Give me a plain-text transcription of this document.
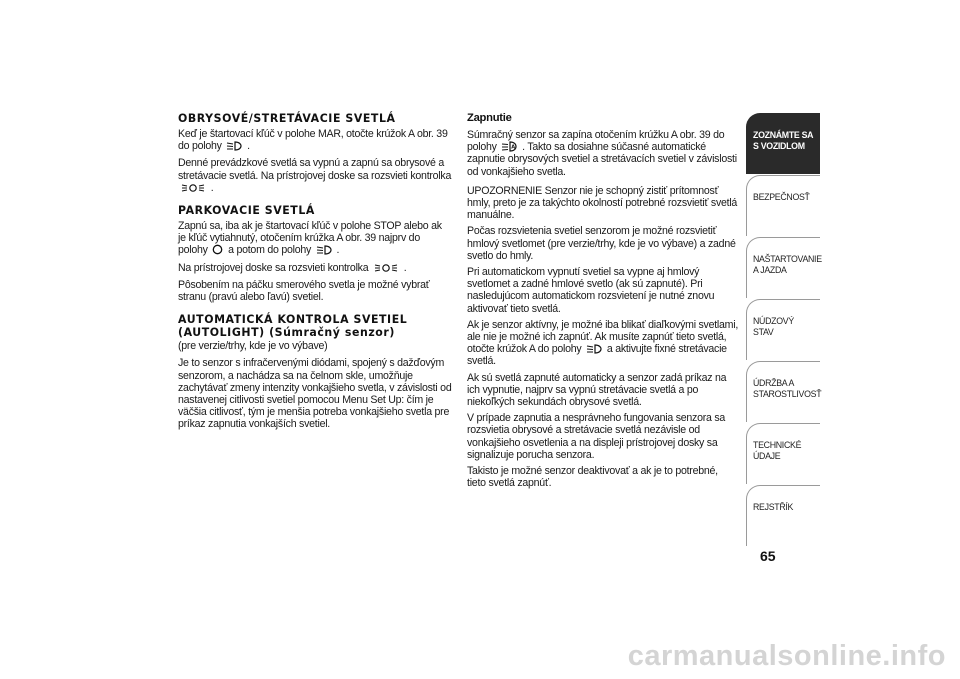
OBRYSOVÉ/STRETÁVACIE SVETLÁ

Keď je štartovací kľúč v polohe MAR, otočte krúžok A obr. 39 do polohy .

Denné prevádzkové svetlá sa vypnú a zapnú sa obrysové a stretávacie svetlá. Na prístrojovej doske sa rozsvieti kontrolka  .

PARKOVACIE SVETLÁ

Zapnú sa, iba ak je štartovací kľúč v polohe STOP alebo ak je kľúč vytiahnutý, otočením krúžka A obr. 39 najprv do polohy a potom do polohy .

Na prístrojovej doske sa rozsvieti kontrolka	.

Pôsobením na páčku smerového svetla je možné vybrať stranu (pravú alebo ľavú) svetiel.

AUTOMATICKÁ KONTROLA SVETIEL
(AUTOLIGHT) (Súmračný senzor)

(pre verzie/trhy, kde je vo výbave)

Je to senzor s infračervenými diódami, spojený s dažďovým senzorom, a nachádza sa na čelnom skle, umožňuje zachytávať zmeny intenzity vonkajšieho svetla, v závislosti od nastavenej citlivosti svetiel pomocou Menu Set Up: čím je väčšia citlivosť, tým je menšia potreba vonkajšieho svetla pre príkaz zapnutia vonkajších svetiel.

Zapnutie

Súmračný senzor sa zapína otočením krúžku A obr. 39 do polohy	A . Takto sa dosiahne súčasné automatické zapnutie obrysových svetiel a stretávacích svetiel v závislosti od vonkajšieho svetla.

UPOZORNENIE Senzor nie je schopný zistiť prítomnosť hmly, preto je za takýchto okolností potrebné rozsvietiť svetlá manuálne.

Počas rozsvietenia svetiel senzorom je možné rozsvietiť hmlový svetlomet (pre verzie/trhy, kde je vo výbave) a zadné svetlo do hmly.

Pri automatickom vypnutí svetiel sa vypne aj hmlový svetlomet a zadné hmlové svetlo (ak sú zapnuté). Pri nasledujúcom automatickom rozsvietení je nutné znovu aktivovať tieto svetlá.

Ak je senzor aktívny, je možné iba blikať diaľkovými svetlami, ale nie je možné ich zapnúť. Ak musíte zapnúť tieto svetlá, otočte krúžok A do polohy a aktivujte fixné stretávacie svetlá.

Ak sú svetlá zapnuté automaticky a senzor zadá príkaz na ich vypnutie, najprv sa vypnú stretávacie svetlá a po niekoľkých sekundách obrysové svetlá.

V prípade zapnutia a nesprávneho fungovania senzora sa rozsvietia obrysové a stretávacie svetlá nezávisle od vonkajšieho osvetlenia a na displeji prístrojovej dosky sa signalizuje porucha senzora.

Takisto je možné senzor deaktivovať a ak je to potrebné, tieto svetlá zapnúť.

ZOZNÁMTE SA S VOZIDLOM
BEZPEČNOSŤ
NAŠTARTOVANIE A JAZDA
NÚDZOVÝ STAV
ÚDRŽBA A STAROSTLIVOSŤ
TECHNICKÉ ÚDAJE
REJSTŘÍK
65
carmanualsonline.info
